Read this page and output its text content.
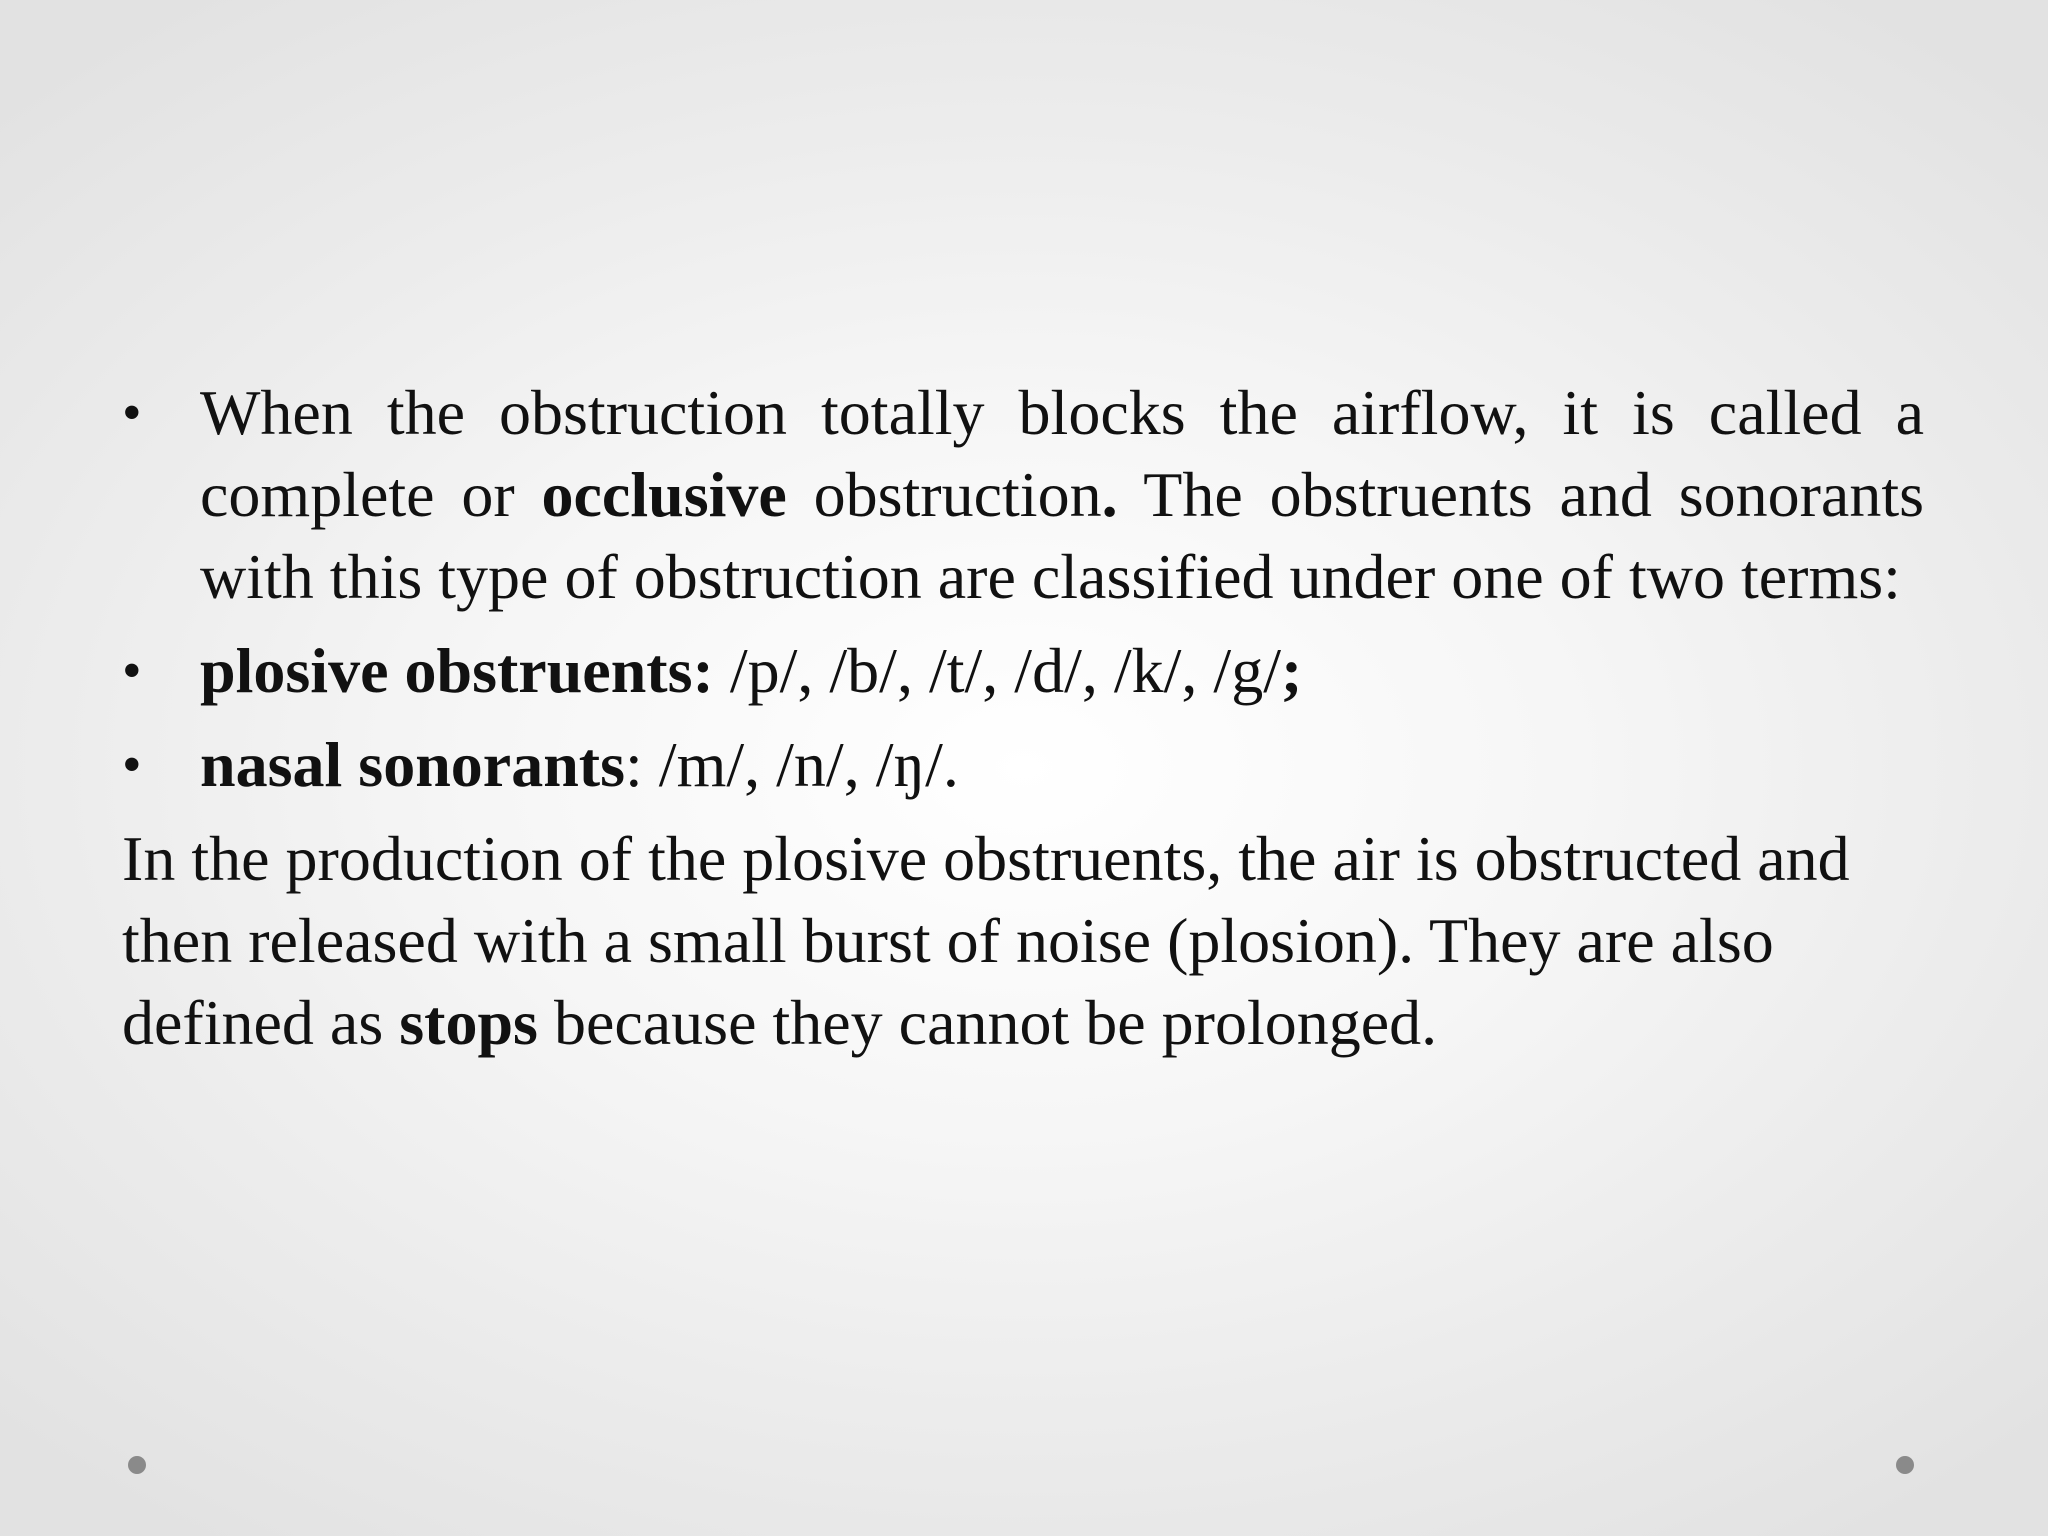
• When the obstruction totally blocks the airflow, it is called a complete or occlusive obstruction. The obstruents and sonorants with this type of obstruction are classified under one of two terms:
• plosive obstruents: /p/, /b/, /t/, /d/, /k/, /g/;
• nasal sonorants: /m/, /n/, /ŋ/.
In the production of the plosive obstruents, the air is obstructed and then released with a small burst of noise (plosion). They are also defined as stops because they cannot be prolonged.
